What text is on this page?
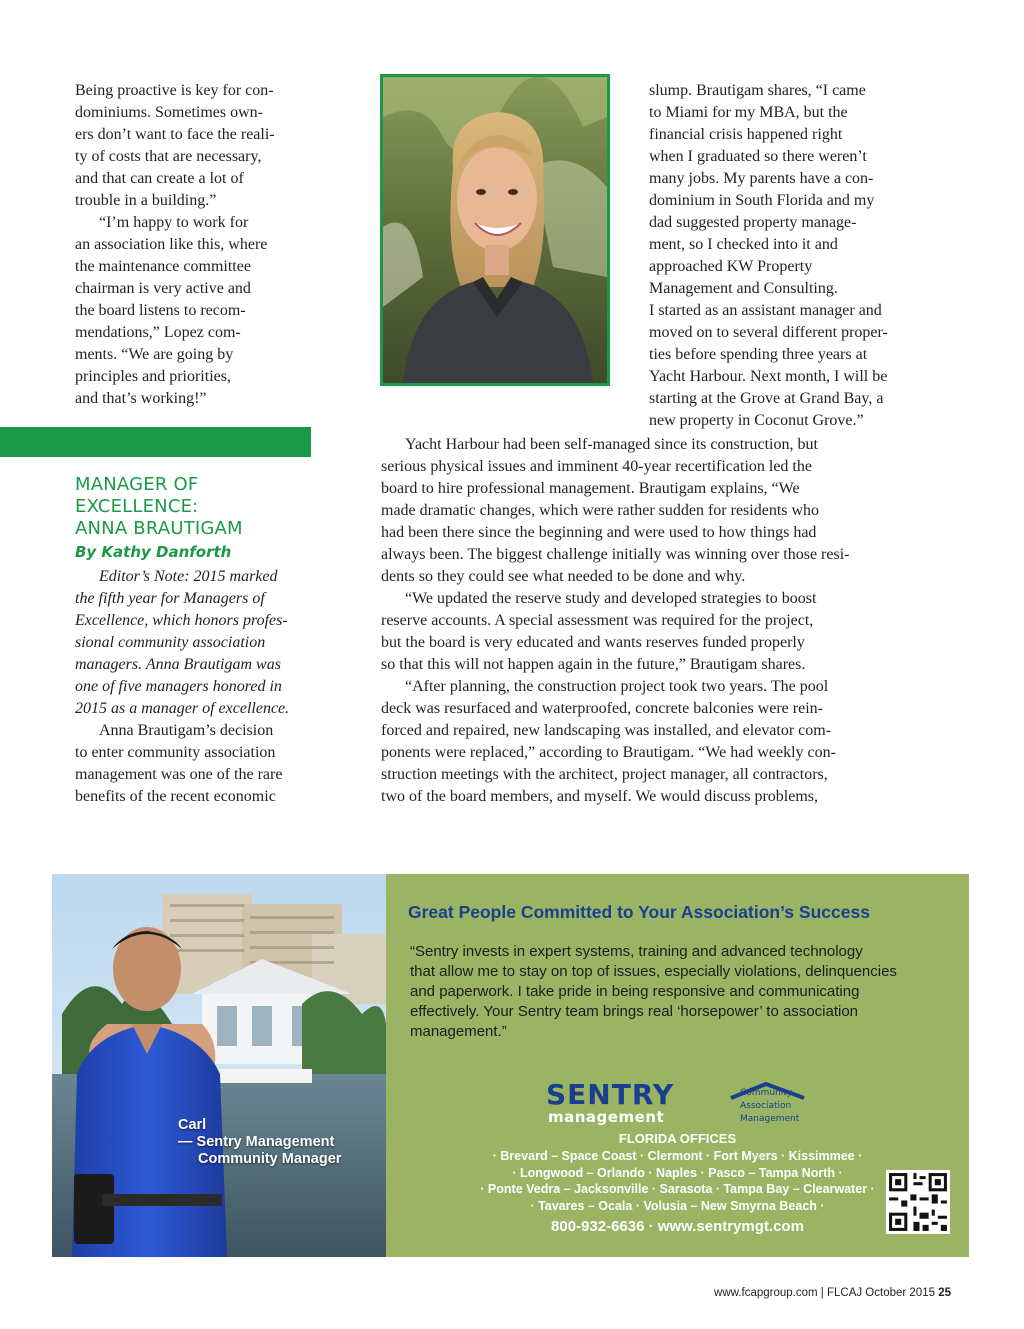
Being proactive is key for con-
dominiums. Sometimes own-
ers don’t want to face the reali-
ty of costs that are necessary,
and that can create a lot of
trouble in a building.”
“I’m happy to work for
an association like this, where
the maintenance committee
chairman is very active and
the board listens to recom-
mendations,” Lopez com-
ments. “We are going by
principles and priorities,
and that’s working!”
MANAGER OF
EXCELLENCE:
ANNA BRAUTIGAM
By Kathy Danforth
Editor’s Note: 2015 marked
the fifth year for Managers of
Excellence, which honors profes-
sional community association
managers. Anna Brautigam was
one of five managers honored in
2015 as a manager of excellence.
Anna Brautigam’s decision
to enter community association
management was one of the rare
benefits of the recent economic
slump. Brautigam shares, “I came
to Miami for my MBA, but the
financial crisis happened right
when I graduated so there weren’t
many jobs. My parents have a con-
dominium in South Florida and my
dad suggested property manage-
ment, so I checked into it and
approached KW Property
Management and Consulting.
I started as an assistant manager and
moved on to several different proper-
ties before spending three years at
Yacht Harbour. Next month, I will be
starting at the Grove at Grand Bay, a
new property in Coconut Grove.”
Yacht Harbour had been self-managed since its construction, but
serious physical issues and imminent 40-year recertification led the
board to hire professional management. Brautigam explains, “We
made dramatic changes, which were rather sudden for residents who
had been there since the beginning and were used to how things had
always been. The biggest challenge initially was winning over those resi-
dents so they could see what needed to be done and why.
“We updated the reserve study and developed strategies to boost
reserve accounts. A special assessment was required for the project,
but the board is very educated and wants reserves funded properly
so that this will not happen again in the future,” Brautigam shares.
“After planning, the construction project took two years. The pool
deck was resurfaced and waterproofed, concrete balconies were rein-
forced and repaired, new landscaping was installed, and elevator com-
ponents were replaced,” according to Brautigam. “We had weekly con-
struction meetings with the architect, project manager, all contractors,
two of the board members, and myself. We would discuss problems,
Carl
— Sentry Management
Community Manager
Great People Committed to Your Association’s Success
“Sentry invests in expert systems, training and advanced technology
that allow me to stay on top of issues, especially violations, delinquencies
and paperwork. I take pride in being responsive and communicating
effectively. Your Sentry team brings real ‘horsepower’ to association
management.”
SENTRY
management
Community
Association
Management
FLORIDA OFFICES
· Brevard – Space Coast · Clermont · Fort Myers · Kissimmee ·
· Longwood – Orlando · Naples · Pasco – Tampa North ·
· Ponte Vedra – Jacksonville · Sarasota · Tampa Bay – Clearwater ·
· Tavares – Ocala · Volusia – New Smyrna Beach ·
800-932-6636 · www.sentrymgt.com
www.fcapgroup.com | FLCAJ October 2015 25
